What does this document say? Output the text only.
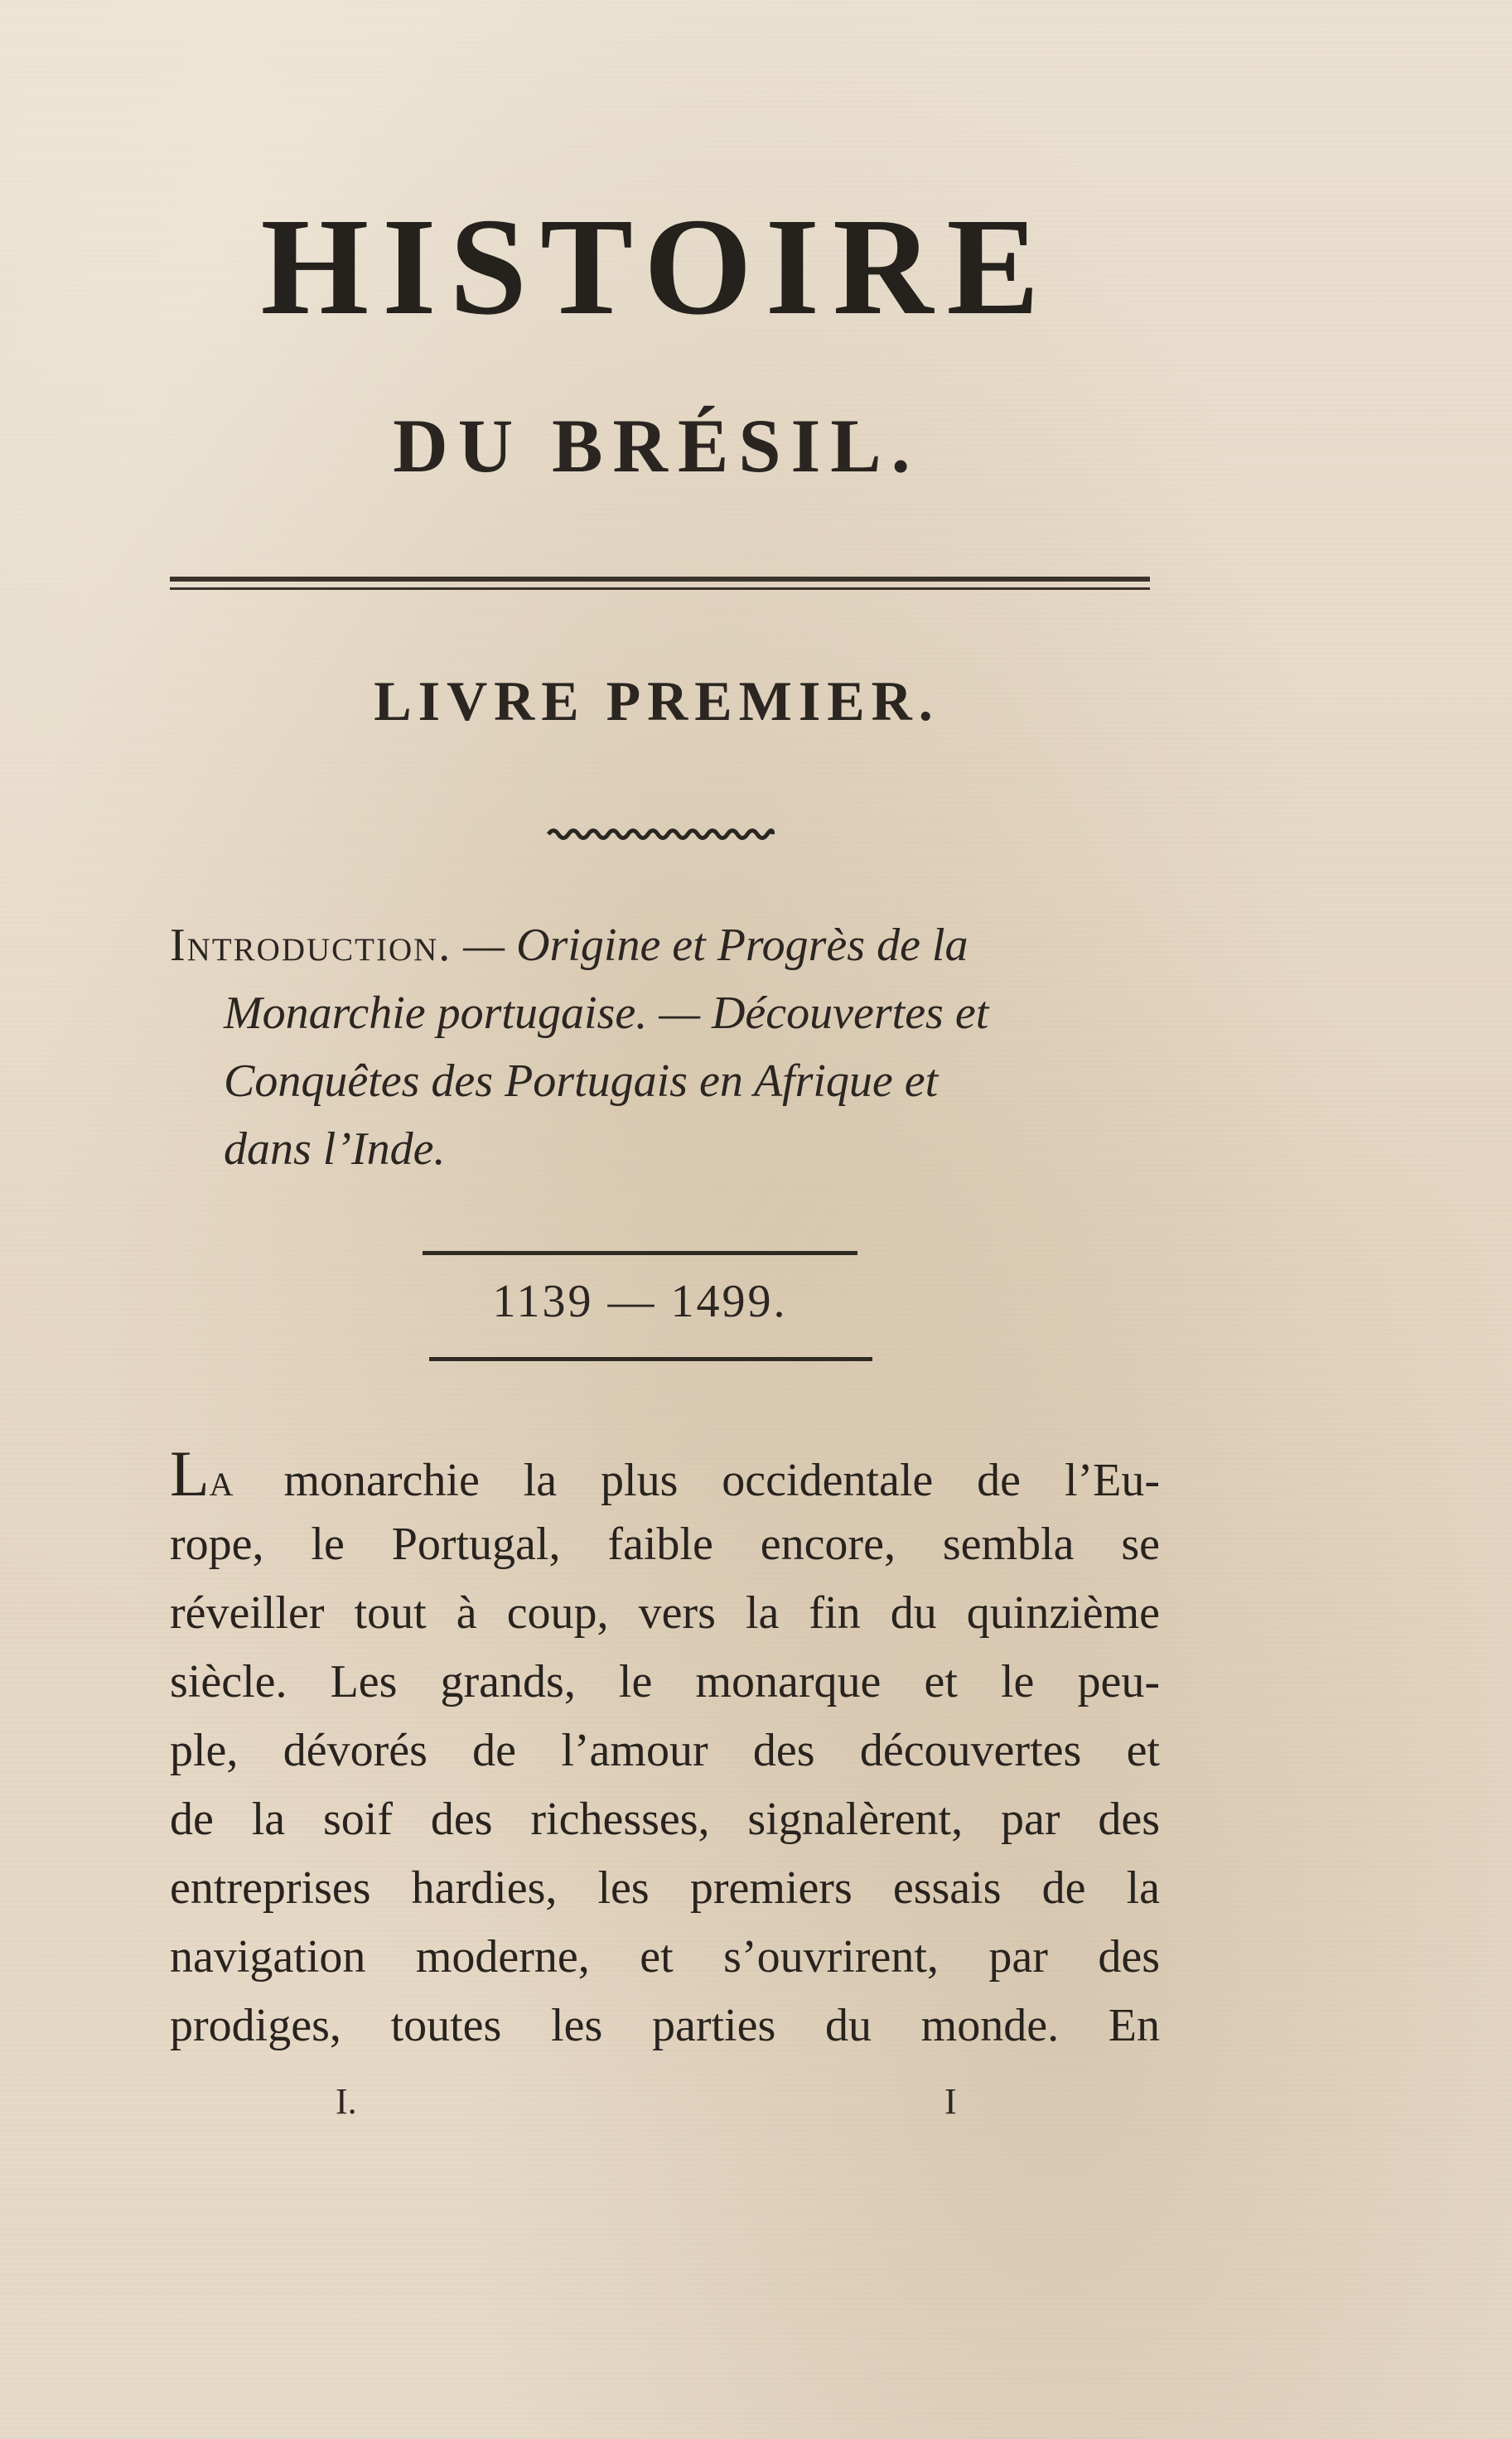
HISTOIRE
DU BRÉSIL.
LIVRE PREMIER.
Introduction. — Origine et Progrès de la
Monarchie portugaise. — Découvertes et
Conquêtes des Portugais en Afrique et
dans l’Inde.
1139 — 1499.
LA monarchie la plus occidentale de l’Eu-
rope, le Portugal, faible encore, sembla se
réveiller tout à coup, vers la fin du quinzième
siècle. Les grands, le monarque et le peu-
ple, dévorés de l’amour des découvertes et
de la soif des richesses, signalèrent, par des
entreprises hardies, les premiers essais de la
navigation moderne, et s’ouvrirent, par des
prodiges, toutes les parties du monde. En
I.	I
